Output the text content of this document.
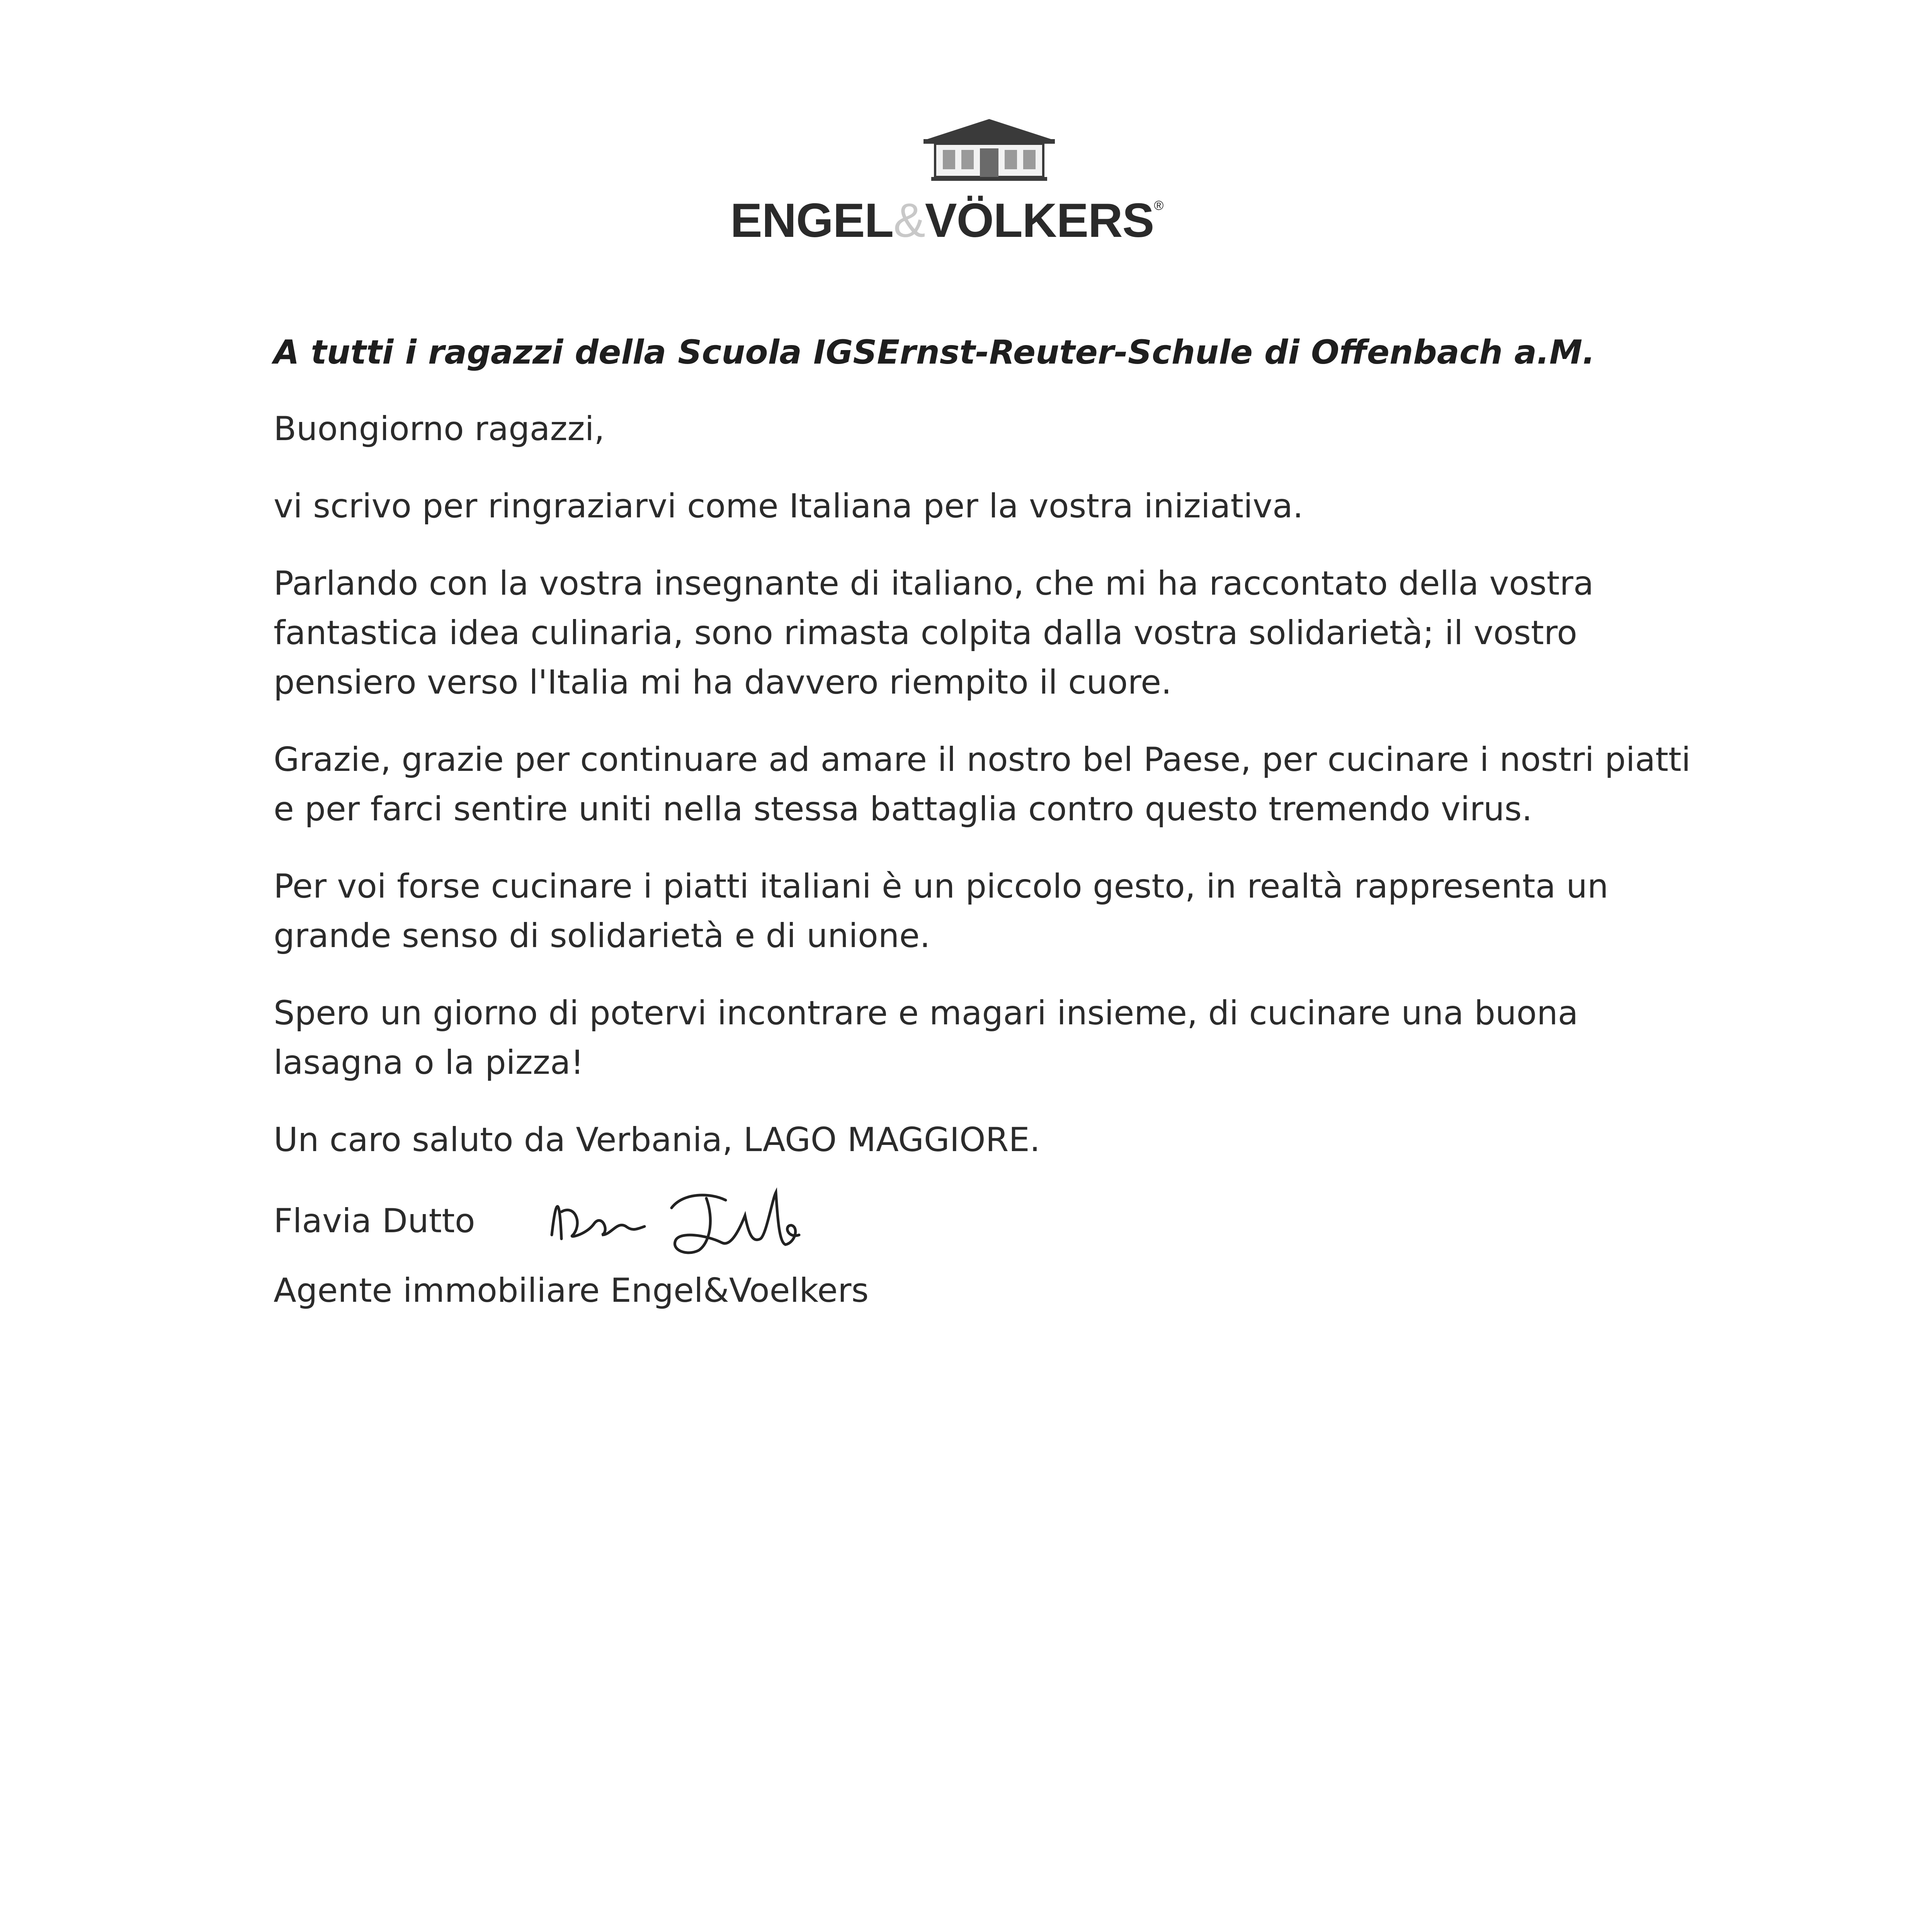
ENGEL&VÖLKERS®

A tutti i ragazzi della Scuola IGSErnst-Reuter-Schule di Offenbach a.M.

Buongiorno ragazzi,

vi scrivo per ringraziarvi come Italiana per la vostra iniziativa.

Parlando con la vostra insegnante di italiano, che mi ha raccontato della vostra fantastica idea culinaria, sono rimasta colpita dalla vostra solidarietà; il vostro pensiero verso l'Italia mi ha davvero riempito il cuore.

Grazie, grazie per continuare ad amare il nostro bel Paese, per cucinare i nostri piatti e per farci sentire uniti nella stessa battaglia contro questo tremendo virus.

Per voi forse cucinare i piatti italiani è un piccolo gesto, in realtà rappresenta un grande senso di solidarietà e di unione.

Spero un giorno di potervi incontrare e magari insieme, di cucinare una buona lasagna o la pizza!

Un caro saluto da Verbania, LAGO MAGGIORE.

Flavia Dutto

Agente immobiliare Engel&Voelkers
